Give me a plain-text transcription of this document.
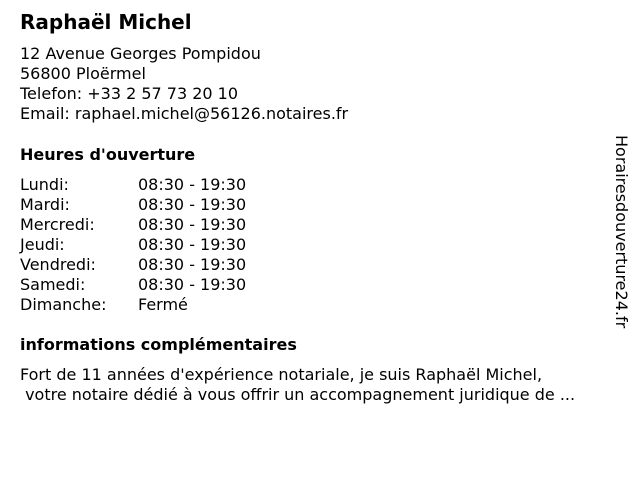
Raphaël Michel
12 Avenue Georges Pompidou
56800 Ploërmel
Telefon: +33 2 57 73 20 10
Email: raphael.michel@56126.notaires.fr
Heures d'ouverture
Lundi:	08:30 - 19:30
Mardi:	08:30 - 19:30
Mercredi:	08:30 - 19:30
Jeudi:	08:30 - 19:30
Vendredi:	08:30 - 19:30
Samedi:	08:30 - 19:30
Dimanche:	Fermé
informations complémentaires
Fort de 11 années d'expérience notariale, je suis Raphaël Michel,
votre notaire dédié à vous offrir un accompagnement juridique de ...
Horairesdouverture24.fr
